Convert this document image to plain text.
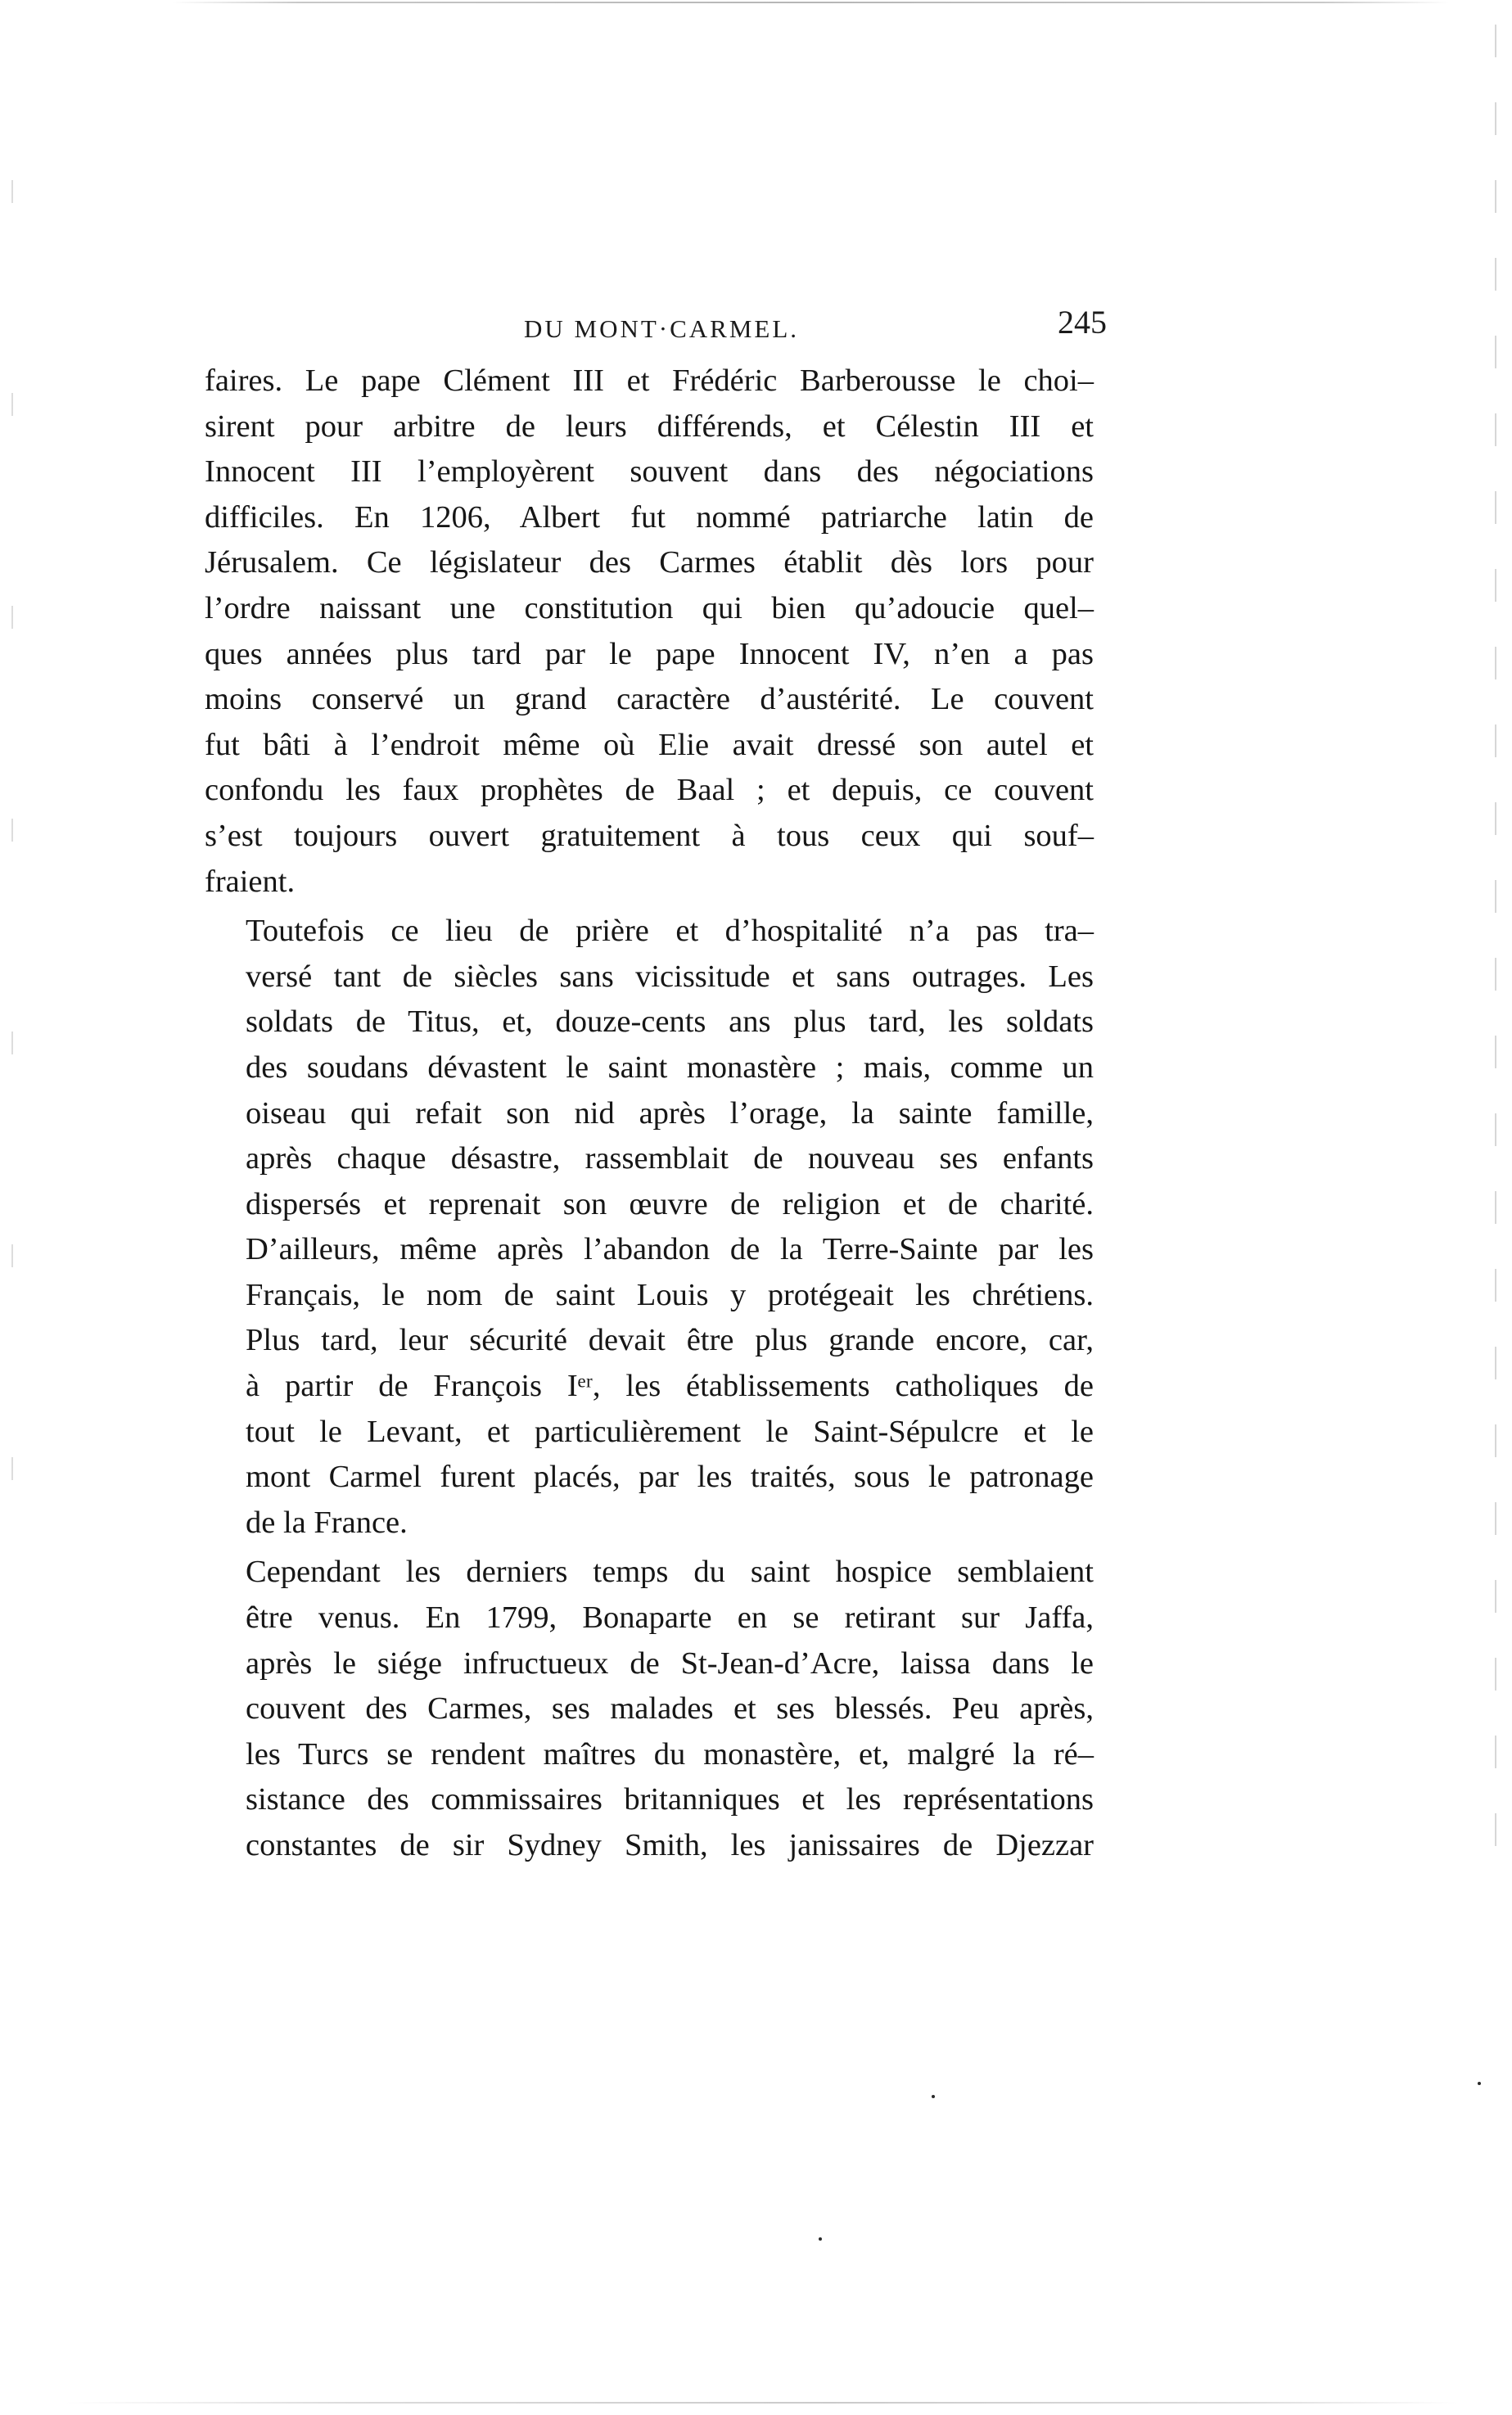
DU MONT·CARMEL.	245
faires. Le pape Clément III et Frédéric Barberousse le choi–
sirent pour arbitre de leurs différends, et Célestin III et
Innocent III l’employèrent souvent dans des négociations
difficiles. En 1206, Albert fut nommé patriarche latin de
Jérusalem. Ce législateur des Carmes établit dès lors pour
l’ordre naissant une constitution qui bien qu’adoucie quel–
ques années plus tard par le pape Innocent IV, n’en a pas
moins conservé un grand caractère d’austérité. Le couvent
fut bâti à l’endroit même où Elie avait dressé son autel et
confondu les faux prophètes de Baal ; et depuis, ce couvent
s’est toujours ouvert gratuitement à tous ceux qui souf–
fraient.
Toutefois ce lieu de prière et d’hospitalité n’a pas tra–
versé tant de siècles sans vicissitude et sans outrages. Les
soldats de Titus, et, douze-cents ans plus tard, les soldats
des soudans dévastent le saint monastère ; mais, comme un
oiseau qui refait son nid après l’orage, la sainte famille,
après chaque désastre, rassemblait de nouveau ses enfants
dispersés et reprenait son œuvre de religion et de charité.
D’ailleurs, même après l’abandon de la Terre-Sainte par les
Français, le nom de saint Louis y protégeait les chrétiens.
Plus tard, leur sécurité devait être plus grande encore, car,
à partir de François Iᵉʳ, les établissements catholiques de
tout le Levant, et particulièrement le Saint-Sépulcre et le
mont Carmel furent placés, par les traités, sous le patronage
de la France.
Cependant les derniers temps du saint hospice semblaient
être venus. En 1799, Bonaparte en se retirant sur Jaffa,
après le siége infructueux de St-Jean-d’Acre, laissa dans le
couvent des Carmes, ses malades et ses blessés. Peu après,
les Turcs se rendent maîtres du monastère, et, malgré la ré–
sistance des commissaires britanniques et les représentations
constantes de sir Sydney Smith, les janissaires de Djezzar
